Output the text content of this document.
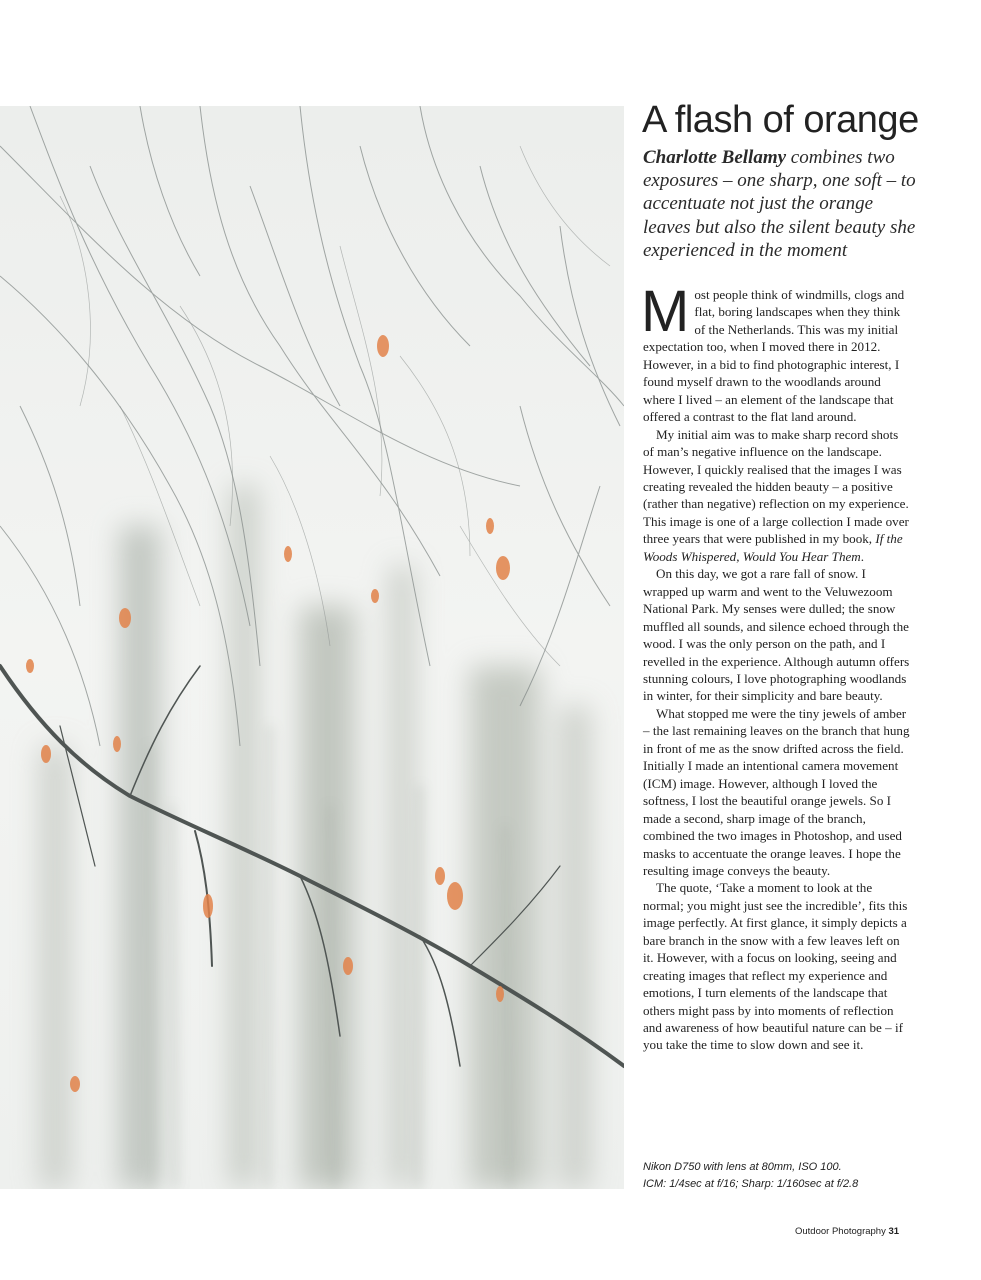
A flash of orange

Charlotte Bellamy combines two exposures – one sharp, one soft – to accentuate not just the orange leaves but also the silent beauty she experienced in the moment

Most people think of windmills, clogs and flat, boring landscapes when they think of the Netherlands. This was my initial expectation too, when I moved there in 2012. However, in a bid to find photographic interest, I found myself drawn to the woodlands around where I lived – an element of the landscape that offered a contrast to the flat land around.

My initial aim was to make sharp record shots of man’s negative influence on the landscape. However, I quickly realised that the images I was creating revealed the hidden beauty – a positive (rather than negative) reflection on my experience. This image is one of a large collection I made over three years that were published in my book, If the Woods Whispered, Would You Hear Them.

On this day, we got a rare fall of snow. I wrapped up warm and went to the Veluwezoom National Park. My senses were dulled; the snow muffled all sounds, and silence echoed through the wood. I was the only person on the path, and I revelled in the experience. Although autumn offers stunning colours, I love photographing woodlands in winter, for their simplicity and bare beauty.

What stopped me were the tiny jewels of amber – the last remaining leaves on the branch that hung in front of me as the snow drifted across the field. Initially I made an intentional camera movement (ICM) image. However, although I loved the softness, I lost the beautiful orange jewels. So I made a second, sharp image of the branch, combined the two images in Photoshop, and used masks to accentuate the orange leaves. I hope the resulting image conveys the beauty.

The quote, ‘Take a moment to look at the normal; you might just see the incredible’, fits this image perfectly. At first glance, it simply depicts a bare branch in the snow with a few leaves left on it. However, with a focus on looking, seeing and creating images that reflect my experience and emotions, I turn elements of the landscape that others might pass by into moments of reflection and awareness of how beautiful nature can be – if you take the time to slow down and see it.

Nikon D750 with lens at 80mm, ISO 100.
ICM: 1/4sec at f/16; Sharp: 1/160sec at f/2.8
Outdoor Photography 31
